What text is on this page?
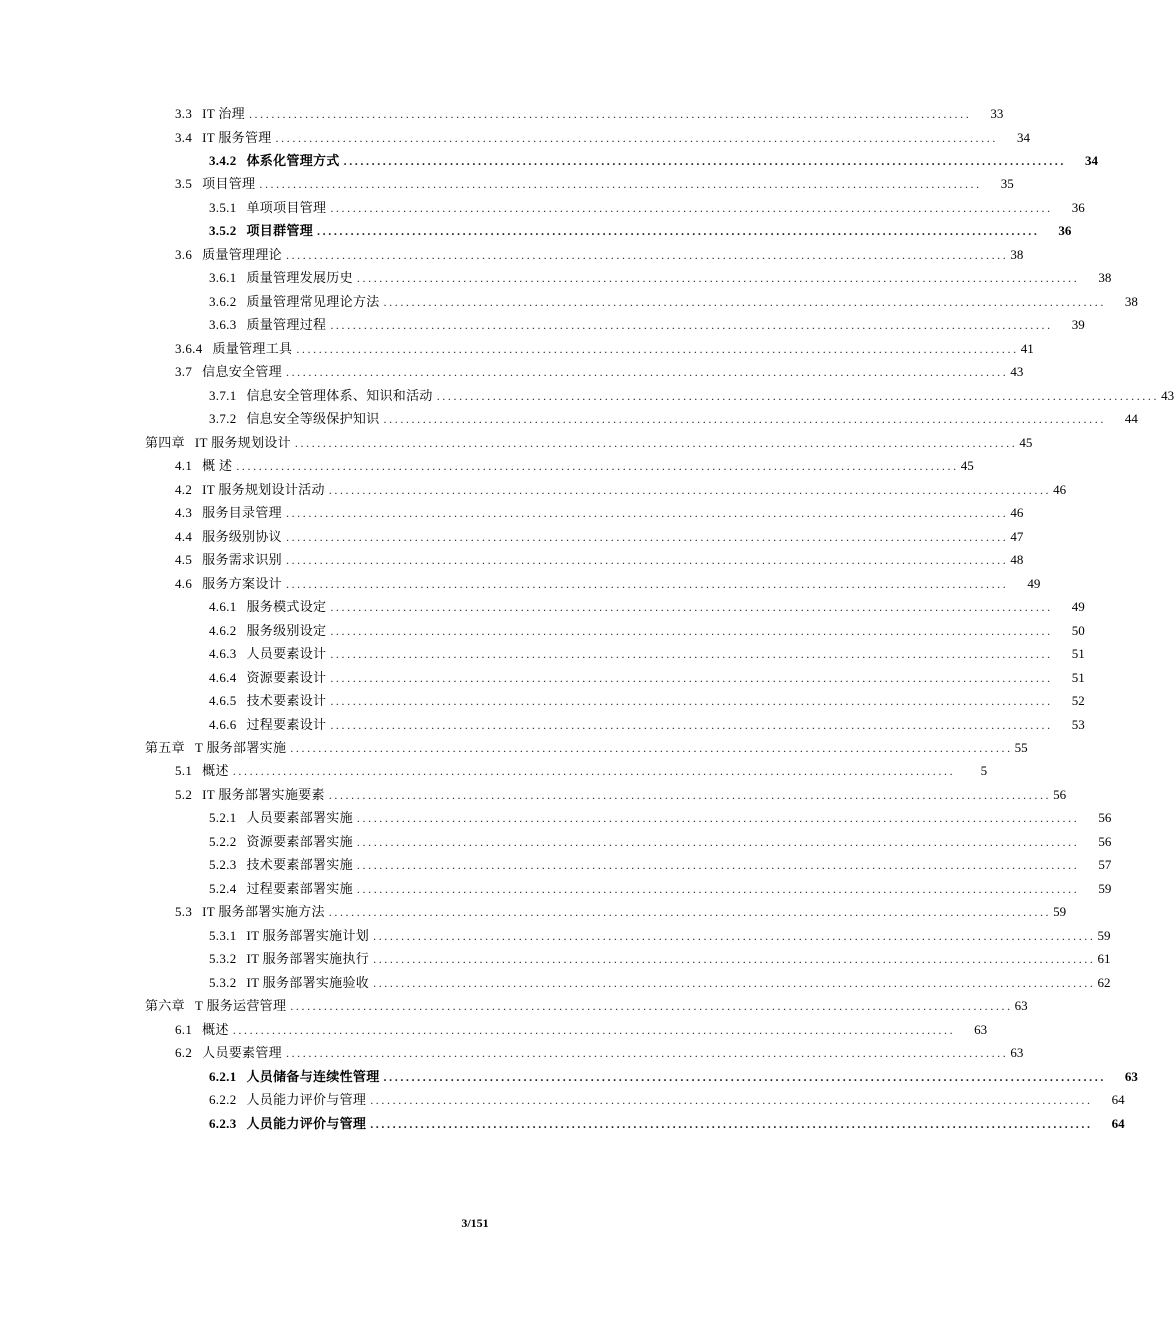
3.3 IT 治理 .................................................................................................................................	33
3.4 IT 服务管理 .................................................................................................................................	34
3.4.2 体系化管理方式 .................................................................................................................................	34
3.5 项目管理 .................................................................................................................................	35
3.5.1 单项项目管理 .................................................................................................................................	36
3.5.2 项目群管理 .................................................................................................................................	36
3.6 质量管理理论 ................................................................................................................................. 38
3.6.1 质量管理发展历史 .................................................................................................................................	38
3.6.2 质量管理常见理论方法 .................................................................................................................................	38
3.6.3 质量管理过程 .................................................................................................................................	39
3.6.4 质量管理工具 ................................................................................................................................. 41
3.7 信息安全管理 ................................................................................................................................. 43
3.7.1 信息安全管理体系、知识和活动 ................................................................................................................................. 43
3.7.2 信息安全等级保护知识 .................................................................................................................................	44
第四章 IT 服务规划设计 ................................................................................................................................. 45
4.1 概 述 ................................................................................................................................. 45
4.2 IT 服务规划设计活动 ................................................................................................................................. 46
4.3 服务目录管理 ................................................................................................................................. 46
4.4 服务级别协议 ................................................................................................................................. 47
4.5 服务需求识别 ................................................................................................................................. 48
4.6 服务方案设计 .................................................................................................................................	49
4.6.1 服务模式设定 .................................................................................................................................	49
4.6.2 服务级别设定 .................................................................................................................................	50
4.6.3 人员要素设计 .................................................................................................................................	51
4.6.4 资源要素设计 .................................................................................................................................	51
4.6.5 技术要素设计 .................................................................................................................................	52
4.6.6 过程要素设计 .................................................................................................................................	53
第五章 T 服务部署实施 ................................................................................................................................. 55
5.1 概述 .................................................................................................................................	5
5.2 IT 服务部署实施要素 ................................................................................................................................. 56
5.2.1 人员要素部署实施 .................................................................................................................................	56
5.2.2 资源要素部署实施 .................................................................................................................................	56
5.2.3 技术要素部署实施 .................................................................................................................................	57
5.2.4 过程要素部署实施 .................................................................................................................................	59
5.3 IT 服务部署实施方法 ................................................................................................................................. 59
5.3.1 IT 服务部署实施计划 ................................................................................................................................. 59
5.3.2 IT 服务部署实施执行 ................................................................................................................................. 61
5.3.2 IT 服务部署实施验收 ................................................................................................................................. 62
第六章 T 服务运营管理 ................................................................................................................................. 63
6.1 概述 .................................................................................................................................	63
6.2 人员要素管理 ................................................................................................................................. 63
6.2.1 人员储备与连续性管理 .................................................................................................................................	63
6.2.2 人员能力评价与管理 .................................................................................................................................	64
6.2.3 人员能力评价与管理 .................................................................................................................................	64
3/151
